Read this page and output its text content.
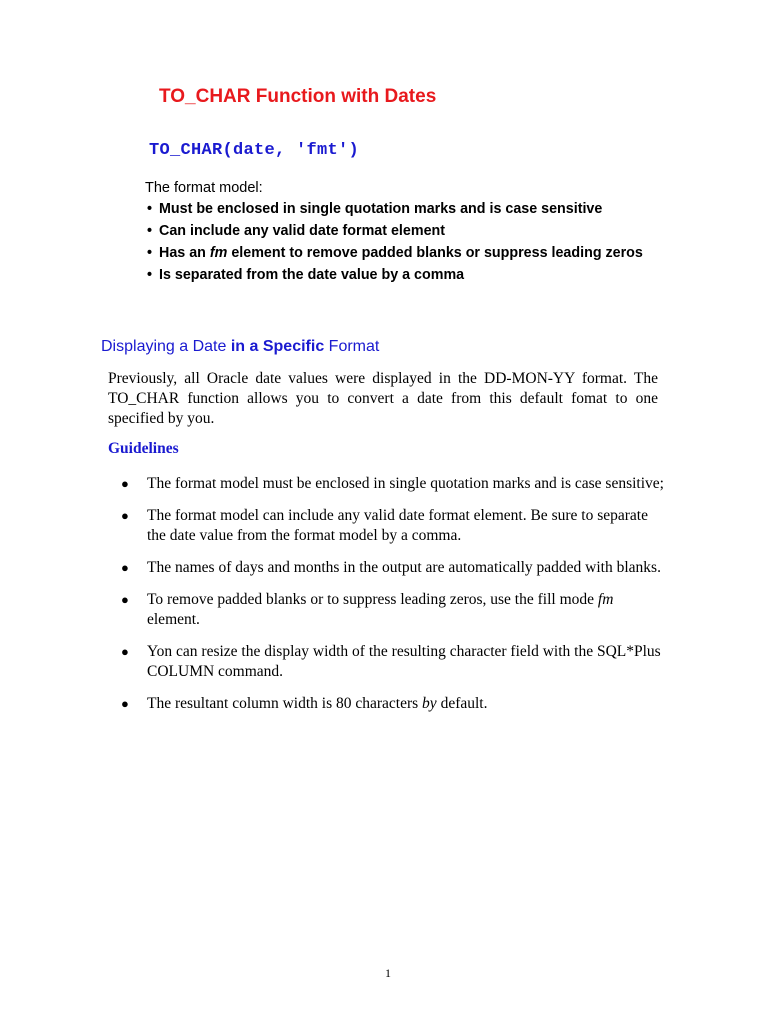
TO_CHAR Function with Dates
TO_CHAR(date, 'fmt')
The format model:
• Must be enclosed in single quotation marks and is case sensitive
• Can include any valid date format element
• Has an fm element to remove padded blanks or suppress leading zeros
• Is separated from the date value by a comma
Displaying a Date in a Specific Format

Previously, all Oracle date values were displayed in the DD-MON-YY format. The TO_CHAR function allows you to convert a date from this default fomat to one specified by you.

Guidelines
● The format model must be enclosed in single quotation marks and is case sensitive;
● The format model can include any valid date format element. Be sure to separate the date value from the format model by a comma.
● The names of days and months in the output are automatically padded with blanks.
● To remove padded blanks or to suppress leading zeros, use the fill mode fm element.
● Yon can resize the display width of the resulting character field with the SQL*Plus COLUMN command.
● The resultant column width is 80 characters by default.
1
